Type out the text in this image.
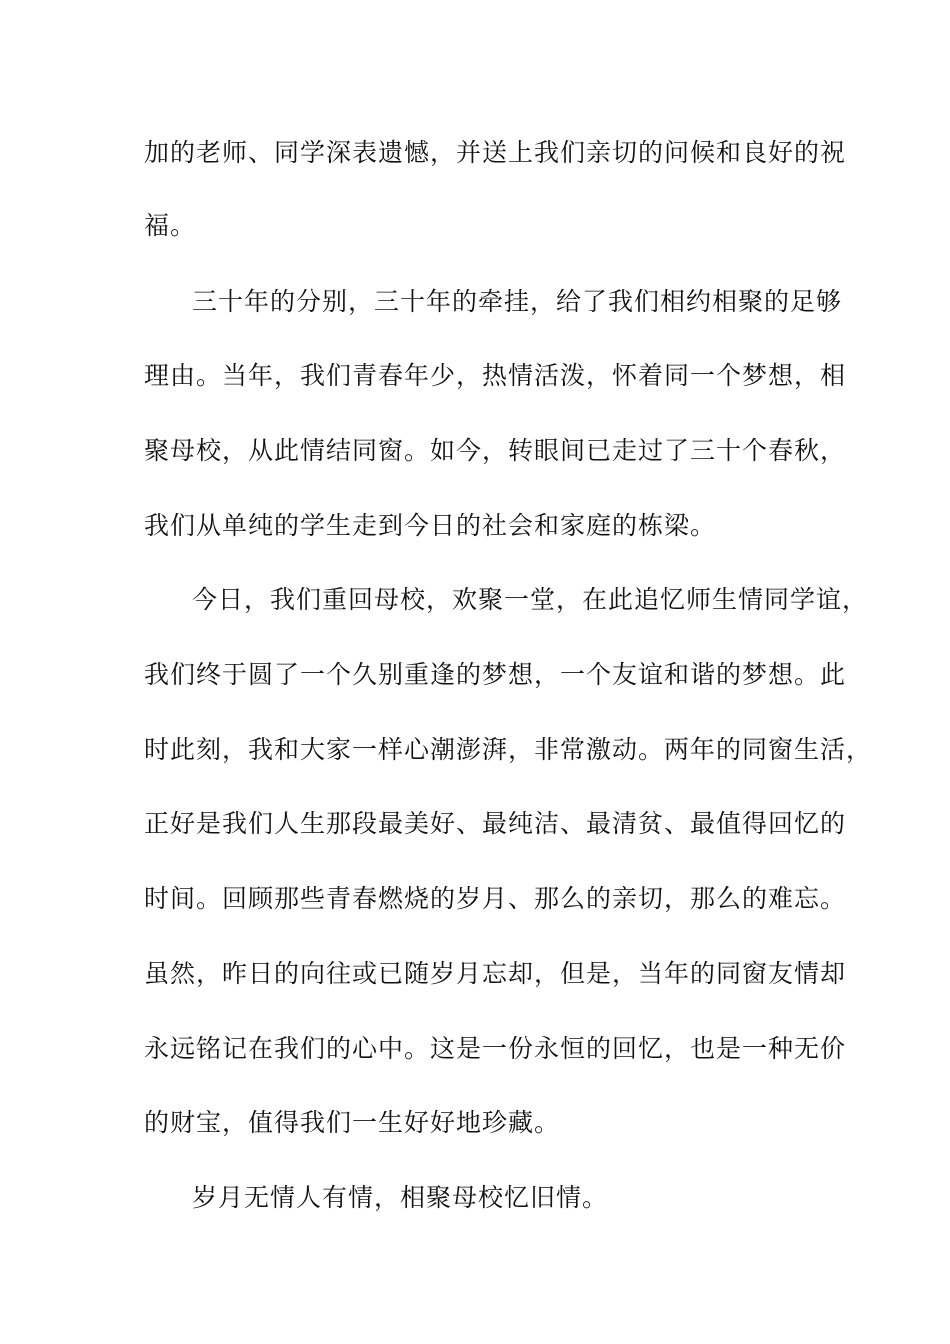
加的老师、同学深表遗憾，并送上我们亲切的问候和良好的祝
福。
三十年的分别，三十年的牵挂，给了我们相约相聚的足够
理由。当年，我们青春年少，热情活泼，怀着同一个梦想，相
聚母校，从此情结同窗。如今，转眼间已走过了三十个春秋，
我们从单纯的学生走到今日的社会和家庭的栋梁。
今日，我们重回母校，欢聚一堂，在此追忆师生情同学谊，
我们终于圆了一个久别重逢的梦想，一个友谊和谐的梦想。此
时此刻，我和大家一样心潮澎湃，非常激动。两年的同窗生活，
正好是我们人生那段最美好、最纯洁、最清贫、最值得回忆的
时间。回顾那些青春燃烧的岁月、那么的亲切，那么的难忘。
虽然，昨日的向往或已随岁月忘却，但是，当年的同窗友情却
永远铭记在我们的心中。这是一份永恒的回忆，也是一种无价
的财宝，值得我们一生好好地珍藏。
岁月无情人有情，相聚母校忆旧情。
